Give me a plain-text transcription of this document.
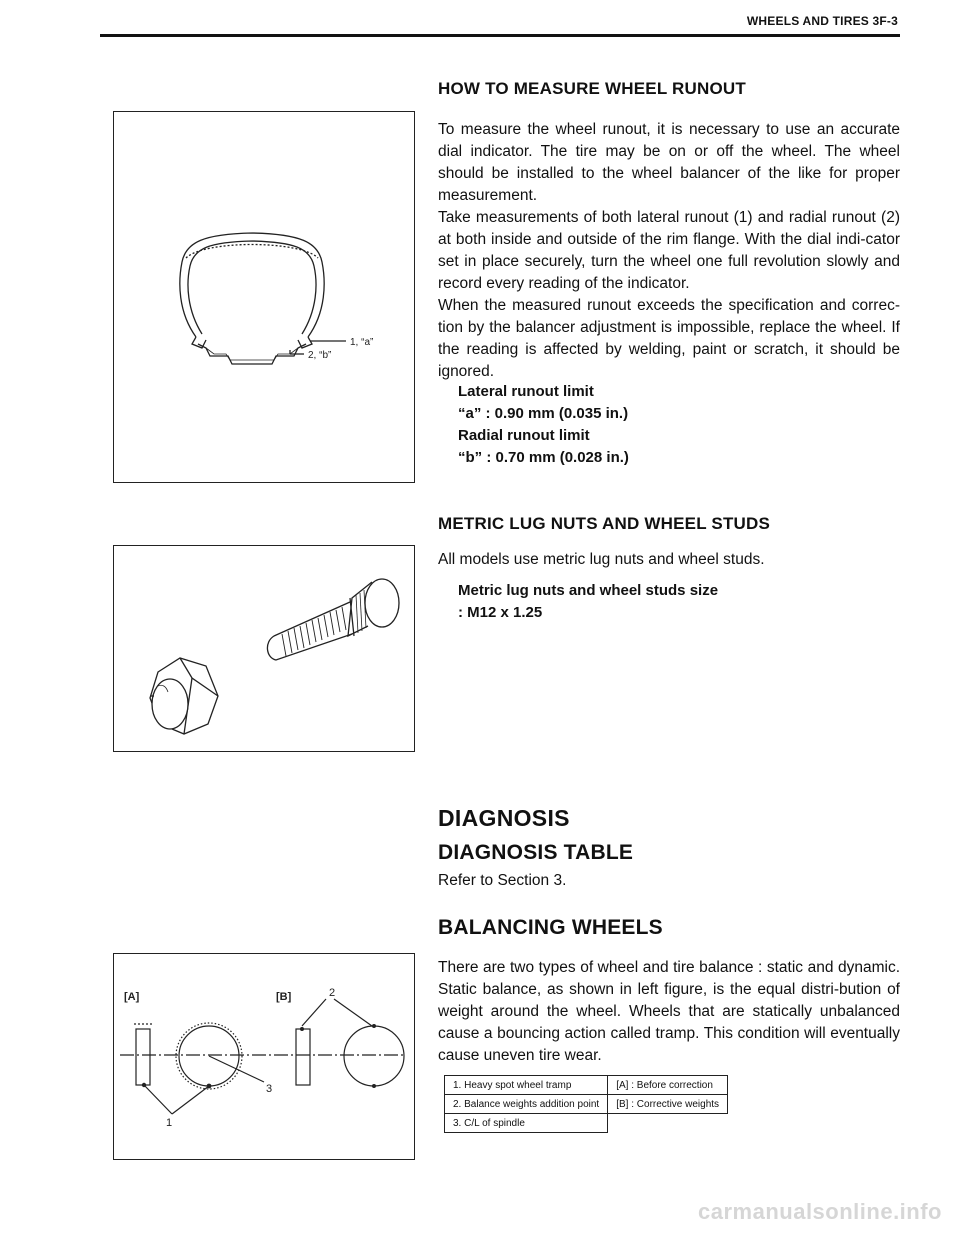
WHEELS AND TIRES 3F-3
1, “a”
2, “b”
HOW TO MEASURE WHEEL RUNOUT

To measure the wheel runout, it is necessary to use an accurate dial indicator. The tire may be on or off the wheel. The wheel should be installed to the wheel balancer of the like for proper measurement.

Take measurements of both lateral runout (1) and radial runout (2) at both inside and outside of the rim flange. With the dial indi-cator set in place securely, turn the wheel one full revolution slowly and record every reading of the indicator.

When the measured runout exceeds the specification and correc-tion by the balancer adjustment is impossible, replace the wheel. If the reading is affected by welding, paint or scratch, it should be ignored.

Lateral runout limit
“a” : 0.90 mm (0.035 in.)
Radial runout limit
“b” : 0.70 mm (0.028 in.)
METRIC LUG NUTS AND WHEEL STUDS
All models use metric lug nuts and wheel studs.
Metric lug nuts and wheel studs size
: M12 x 1.25
DIAGNOSIS
DIAGNOSIS TABLE
Refer to Section 3.
BALANCING WHEELS
There are two types of wheel and tire balance : static and dynamic. Static balance, as shown in left figure, is the equal distri-bution of weight around the wheel. Wheels that are statically unbalanced cause a bouncing action called tramp. This condition will eventually cause uneven tire wear.
[A]	[B]	2
3
1
1. Heavy spot wheel tramp	[A] : Before correction
2. Balance weights addition point	[B] : Corrective weights
3. C/L of spindle	
carmanualsonline.info
